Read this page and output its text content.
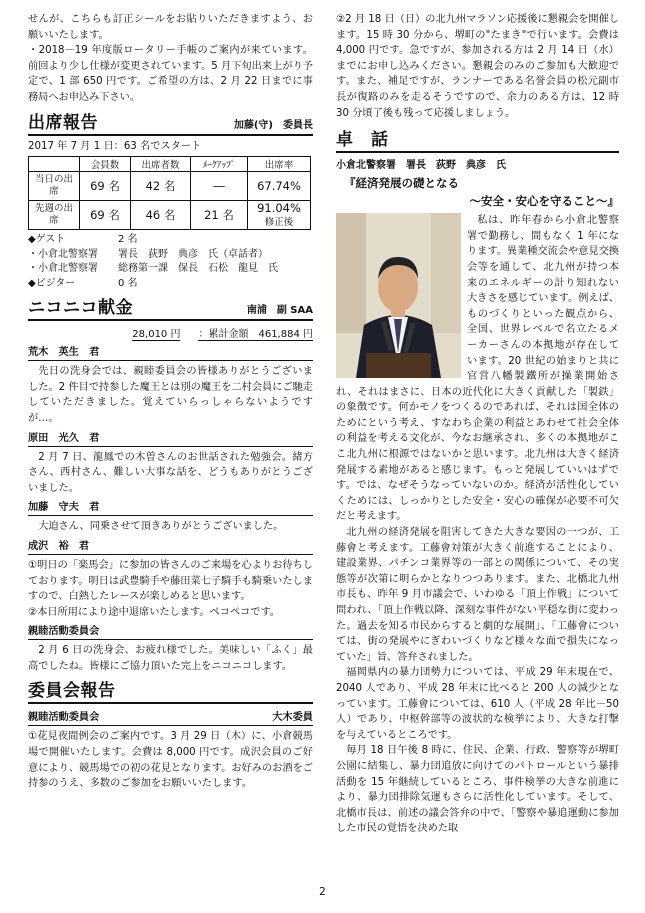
せんが、こちらも訂正シールをお貼りいただきますよう、お願いいたします。

・2018－19 年度版ロータリー手帳のご案内が来ています。前回より少し仕様が変更されています。5 月下旬出来上がり予定で、1 部 650 円です。ご希望の方は、2 月 22 日までに事務局へお申込み下さい。

出席報告	加藤(守)　委員長

2017 年 7 月 1 日：63 名でスタート

	会員数	出席者数	ﾒｰｸｱｯﾌﾟ	出席率
当日の出席	69 名	42 名	―	67.74%
先週の出席	69 名	46 名	21 名	91.04%
修正後
◆ゲスト	2 名
・小倉北警察署	署長　荻野　典彦　氏（卓話者）
・小倉北警察署	総務第一課　保長　石松　龍見　氏
◆ビジター	0 名
ニコニコ献金	南浦　副 SAA
28,010 円 ：累計金額　461,884 円
荒木　英生　君

先日の洗身会では、親睦委員会の皆様ありがとうございました。2 件目で持参した魔王とは別の魔王を二村会員にご馳走していただきました。覚えていらっしゃらないようですが…。

原田　光久　君

2 月 7 日、龍鳳での木曽さんのお世話された勉強会。緒方さん、西村さん、難しい大事な話を、どうもありがとうございました。

加藤　守夫　君

大迫さん、同乗させて頂きありがとうございました。

成沢　裕　君

①明日の「楽馬会」に参加の皆さんのご来場を心よりお待ちしております。明日は武豊騎手や藤田菜七子騎手も騎乗いたしますので、白熱したレースが楽しめると思います。
②本日所用により途中退席いたします。ペコペコです。

親睦活動委員会

2 月 6 日の洗身会、お疲れ様でした。美味しい「ふく」最高でしたね。皆様にご協力頂いた完上をニコニコします。

委員会報告
親睦活動委員会	大木委員

①花見夜間例会のご案内です。3 月 29 日（木）に、小倉競馬場で開催いたします。会費は 8,000 円です。成沢会員のご好意により、競馬場での初の花見となります。お好みのお酒をご持参のうえ、多数のご参加をお願いいたします。

②2 月 18 日（日）の北九州マラソン応援後に懇親会を開催します。15 時 30 分から、堺町の"たまき"で行います。会費は 4,000 円です。急ですが、参加される方は 2 月 14 日（水）までにお申し込みください。懇親会のみのご参加も大歓迎です。また、補足ですが、ランナーである名誉会員の松元副市長が復路のみを走るそうですので、余力のある方は、12 時 30 分頃了後も残って応援しましょう。

卓　話
小倉北警察署　署長　荻野　典彦　氏
『経済発展の礎となる
～安全・安心を守ること～』

私は、昨年春から小倉北警察署で勤務し、間もなく 1 年になります。異業種交流会や意見交換会等を通して、北九州が持つ本来のエネルギーの計り知れない大きさを感じています。例えば、ものづくりといった観点から、全国、世界レベルで名立たるメーカーさんの本拠地が存在しています。20 世紀の始まりと共に官営八幡製鐵所が操業開始され、それはまさに、日本の近代化に大きく貢献した「製鉄」の象徴です。何かモノをつくるのであれば、それは国全体のためにという考え、すなわち企業の利益とあわせて社会全体の利益を考える文化が、今なお継承され、多くの本拠地がここ北九州に根源ではないかと思います。北九州は大きく経済発展する素地があると感じます。もっと発展していいはずです。では、なぜそうなっていないのか。経済が活性化していくためには、しっかりとした安全・安心の確保が必要不可欠だと考えます。

北九州の経済発展を阻害してきた大きな要因の一つが、工藤會と考えます。工藤會対策が大きく前進することにより、建設業界、パチンコ業界等の一部との関係について、その実態等が次第に明らかとなりつつあります。また、北橋北九州市長も、昨年 9 月市議会で、いわゆる「頂上作戦」について問われ、「頂上作戦以降、深刻な事件がない平穏な街に変わった。過去を知る市民からすると劇的な展開」、「工藤會については、街の発展やにぎわいづくりなど様々な面で損失になっていた」旨、答弁されました。

福岡県内の暴力団勢力については、平成 29 年末現在で、2040 人であり、平成 28 年末に比べると 200 人の減少となっています。工藤會については、610 人（平成 28 年比－50 人）であり、中枢幹部等の波状的な検挙により、大きな打撃を与えているところです。

毎月 18 日午後 8 時に、住民、企業、行政、警察等が堺町公園に結集し、暴力団追放に向けてのパトロールという暴排活動を 15 年継続しているところ、事件検挙の大きな前進により、暴力団排除気運もさらに活性化しています。そして、北橋市長は、前述の議会答弁の中で、「警察や暴追運動に参加した市民の覚悟を決めた取

2
